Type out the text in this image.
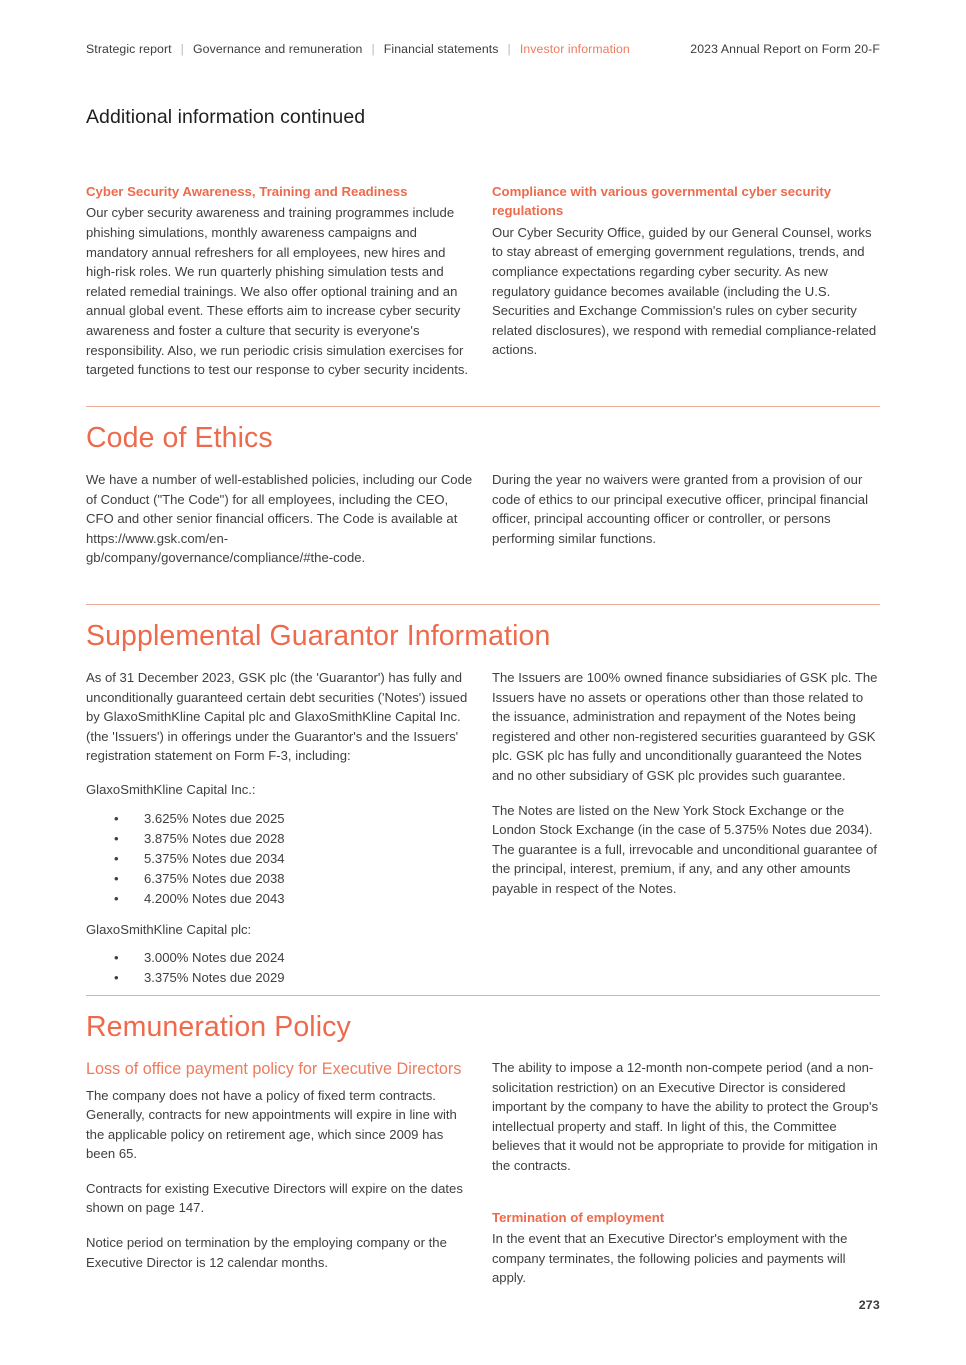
Strategic report | Governance and remuneration | Financial statements | Investor information	2023 Annual Report on Form 20-F
Additional information continued
Cyber Security Awareness, Training and Readiness

Our cyber security awareness and training programmes include phishing simulations, monthly awareness campaigns and mandatory annual refreshers for all employees, new hires and high-risk roles. We run quarterly phishing simulation tests and related remedial trainings. We also offer optional training and an annual global event. These efforts aim to increase cyber security awareness and foster a culture that security is everyone's responsibility. Also, we run periodic crisis simulation exercises for targeted functions to test our response to cyber security incidents.

Compliance with various governmental cyber security regulations

Our Cyber Security Office, guided by our General Counsel, works to stay abreast of emerging government regulations, trends, and compliance expectations regarding cyber security. As new regulatory guidance becomes available (including the U.S. Securities and Exchange Commission's rules on cyber security related disclosures), we respond with remedial compliance-related actions.

Code of Ethics

We have a number of well-established policies, including our Code of Conduct ("The Code") for all employees, including the CEO, CFO and other senior financial officers. The Code is available at https://www.gsk.com/en-gb/company/governance/compliance/#the-code.

During the year no waivers were granted from a provision of our code of ethics to our principal executive officer, principal financial officer, principal accounting officer or controller, or persons performing similar functions.

Supplemental Guarantor Information

As of 31 December 2023, GSK plc (the 'Guarantor') has fully and unconditionally guaranteed certain debt securities ('Notes') issued by GlaxoSmithKline Capital plc and GlaxoSmithKline Capital Inc. (the 'Issuers') in offerings under the Guarantor's and the Issuers' registration statement on Form F-3, including:

GlaxoSmithKline Capital Inc.:
• 3.625% Notes due 2025
• 3.875% Notes due 2028
• 5.375% Notes due 2034
• 6.375% Notes due 2038
• 4.200% Notes due 2043
GlaxoSmithKline Capital plc:
• 3.000% Notes due 2024
• 3.375% Notes due 2029

The Issuers are 100% owned finance subsidiaries of GSK plc. The Issuers have no assets or operations other than those related to the issuance, administration and repayment of the Notes being registered and other non-registered securities guaranteed by GSK plc. GSK plc has fully and unconditionally guaranteed the Notes and no other subsidiary of GSK plc provides such guarantee.

The Notes are listed on the New York Stock Exchange or the London Stock Exchange (in the case of 5.375% Notes due 2034). The guarantee is a full, irrevocable and unconditional guarantee of the principal, interest, premium, if any, and any other amounts payable in respect of the Notes.

Remuneration Policy
Loss of office payment policy for Executive Directors

The company does not have a policy of fixed term contracts. Generally, contracts for new appointments will expire in line with the applicable policy on retirement age, which since 2009 has been 65.

Contracts for existing Executive Directors will expire on the dates shown on page 147.

Notice period on termination by the employing company or the Executive Director is 12 calendar months.

The ability to impose a 12-month non-compete period (and a non-solicitation restriction) on an Executive Director is considered important by the company to have the ability to protect the Group's intellectual property and staff. In light of this, the Committee believes that it would not be appropriate to provide for mitigation in the contracts.

Termination of employment

In the event that an Executive Director's employment with the company terminates, the following policies and payments will apply.

273
